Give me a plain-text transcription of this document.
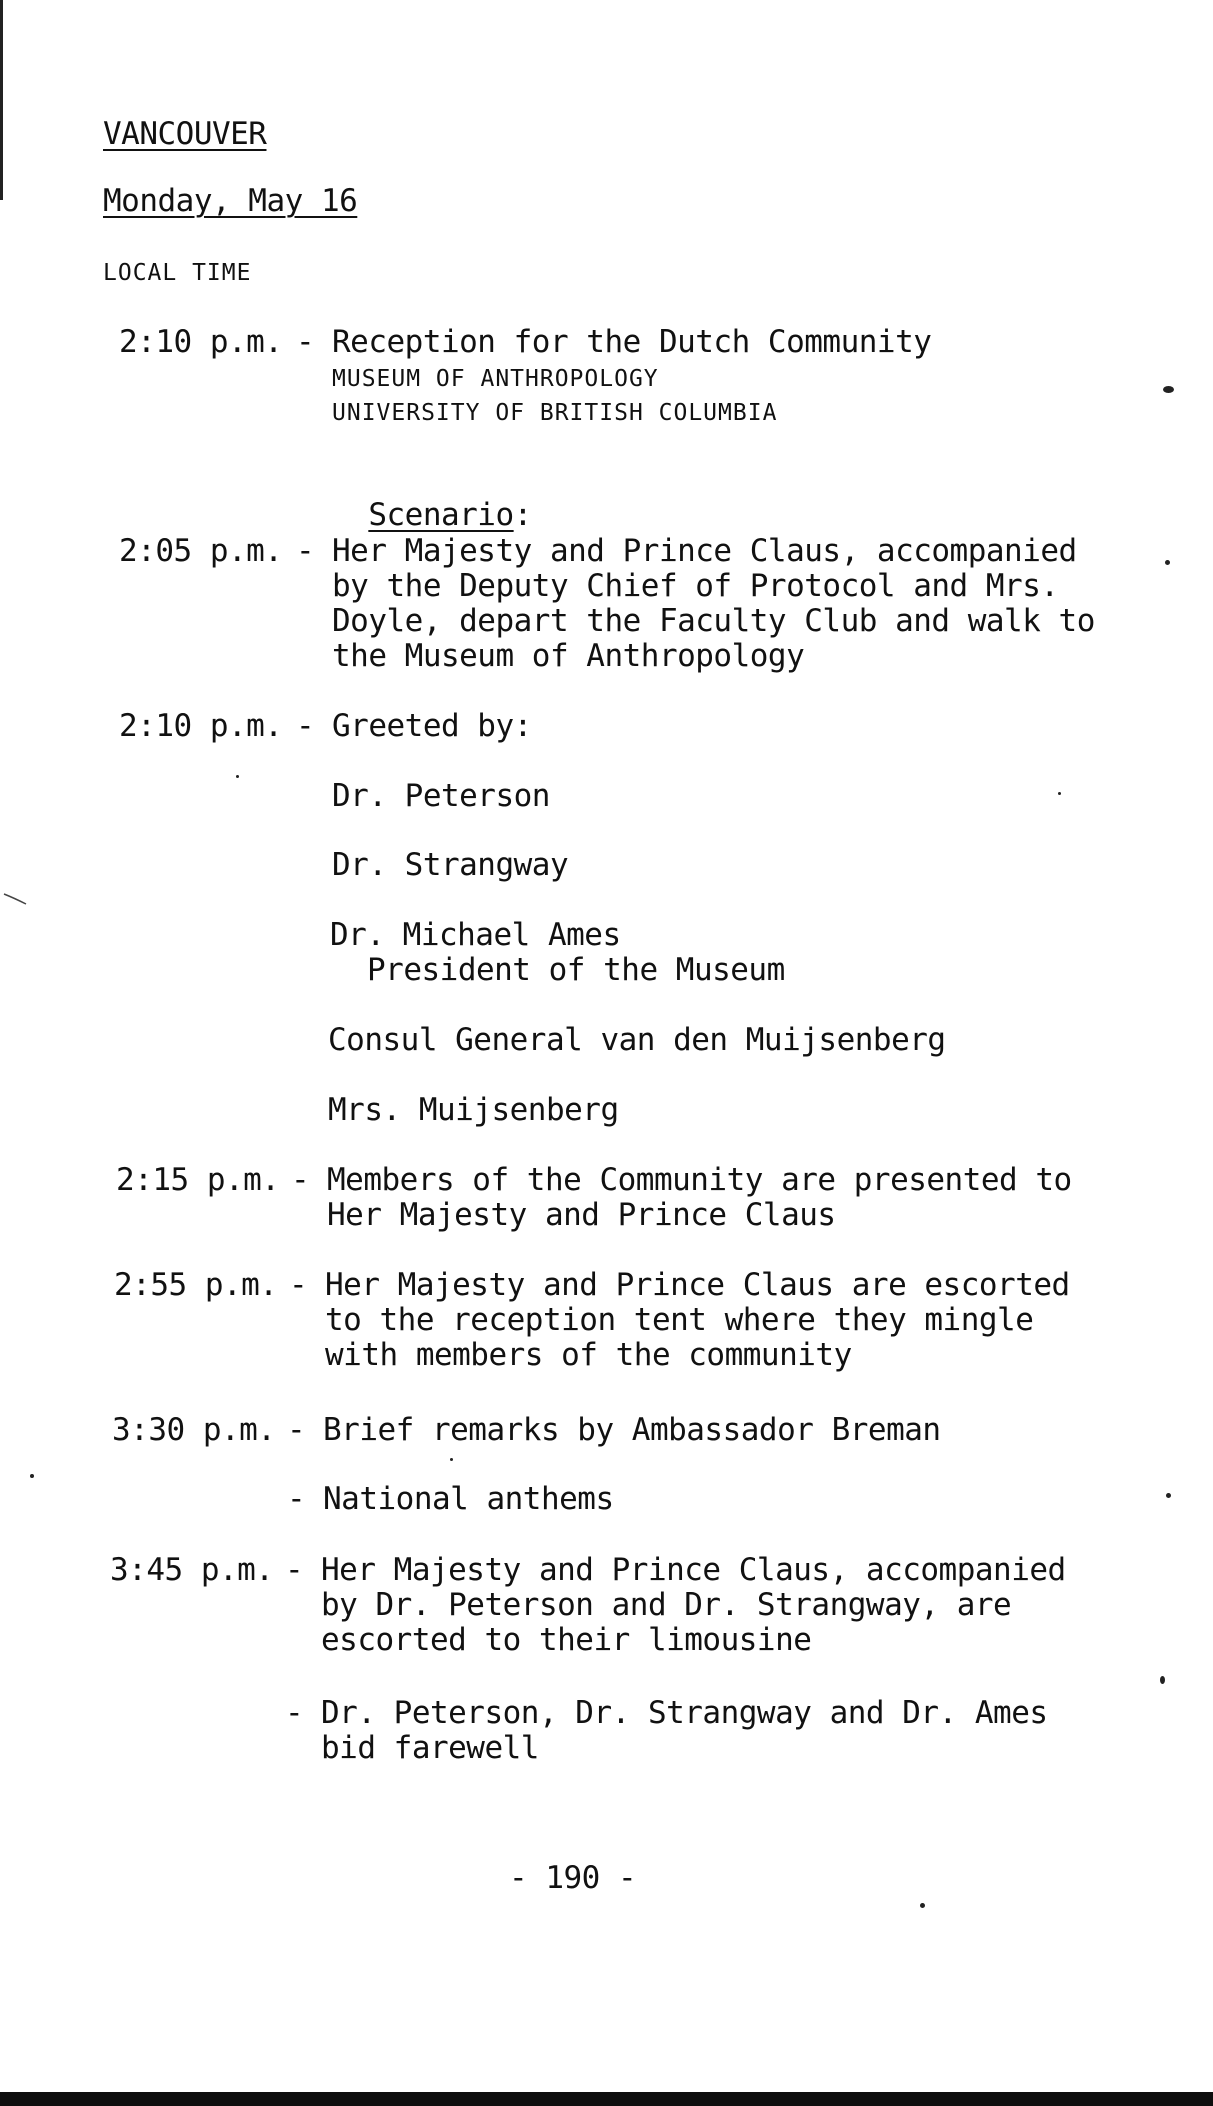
VANCOUVER
Monday, May 16
LOCAL TIME
2:10 p.m. - Reception for the Dutch Community
MUSEUM OF ANTHROPOLOGY
UNIVERSITY OF BRITISH COLUMBIA

Scenario:

2:05 p.m. - Her Majesty and Prince Claus, accompanied
by the Deputy Chief of Protocol and Mrs.
Doyle, depart the Faculty Club and walk to
the Museum of Anthropology
2:10 p.m. - Greeted by:
Dr. Peterson
Dr. Strangway
Dr. Michael Ames
President of the Museum
Consul General van den Muijsenberg
Mrs. Muijsenberg
2:15 p.m. - Members of the Community are presented to
Her Majesty and Prince Claus
2:55 p.m. - Her Majesty and Prince Claus are escorted
to the reception tent where they mingle
with members of the community
3:30 p.m. - Brief remarks by Ambassador Breman
- National anthems
3:45 p.m. - Her Majesty and Prince Claus, accompanied
by Dr. Peterson and Dr. Strangway, are
escorted to their limousine
- Dr. Peterson, Dr. Strangway and Dr. Ames
bid farewell
- 190 -
